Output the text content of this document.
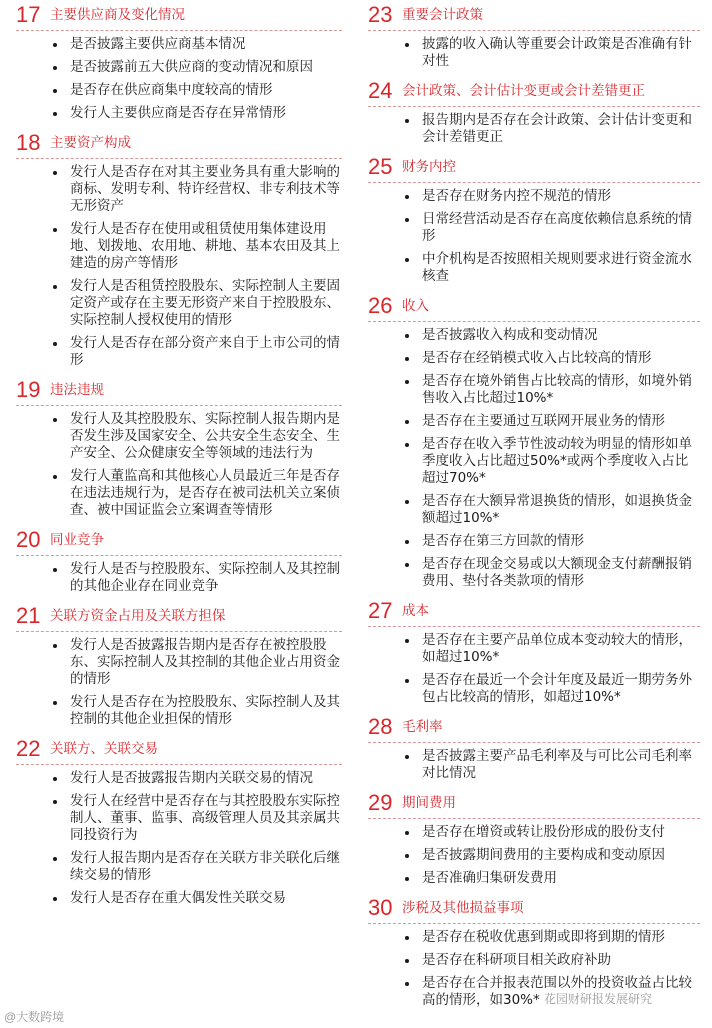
17 主要供应商及变化情况
是否披露主要供应商基本情况
是否披露前五大供应商的变动情况和原因
是否存在供应商集中度较高的情形
发行人主要供应商是否存在异常情形
18 主要资产构成
发行人是否存在对其主要业务具有重大影响的商标、发明专利、特许经营权、非专利技术等无形资产
发行人是否存在使用或租赁使用集体建设用地、划拨地、农用地、耕地、基本农田及其上建造的房产等情形
发行人是否租赁控股股东、实际控制人主要固定资产或存在主要无形资产来自于控股股东、实际控制人授权使用的情形
发行人是否存在部分资产来自于上市公司的情形
19 违法违规
发行人及其控股股东、实际控制人报告期内是否发生涉及国家安全、公共安全生态安全、生产安全、公众健康安全等领域的违法行为
发行人董监高和其他核心人员最近三年是否存在违法违规行为，是否存在被司法机关立案侦查、被中国证监会立案调查等情形
20 同业竞争
发行人是否与控股股东、实际控制人及其控制的其他企业存在同业竞争
21 关联方资金占用及关联方担保
发行人是否披露报告期内是否存在被控股股东、实际控制人及其控制的其他企业占用资金的情形
发行人是否存在为控股股东、实际控制人及其控制的其他企业担保的情形
22 关联方、关联交易
发行人是否披露报告期内关联交易的情况
发行人在经营中是否存在与其控股股东实际控制人、董事、监事、高级管理人员及其亲属共同投资行为
发行人报告期内是否存在关联方非关联化后继续交易的情形
发行人是否存在重大偶发性关联交易
23 重要会计政策
披露的收入确认等重要会计政策是否准确有针对性
24 会计政策、会计估计变更或会计差错更正
报告期内是否存在会计政策、会计估计变更和会计差错更正
25 财务内控
是否存在财务内控不规范的情形
日常经营活动是否存在高度依赖信息系统的情形
中介机构是否按照相关规则要求进行资金流水核查
26 收入
是否披露收入构成和变动情况
是否存在经销模式收入占比较高的情形
是否存在境外销售占比较高的情形，如境外销售收入占比超过10%*
是否存在主要通过互联网开展业务的情形
是否存在收入季节性波动较为明显的情形如单季度收入占比超过50%*或两个季度收入占比超过70%*
是否存在大额异常退换货的情形，如退换货金额超过10%*
是否存在第三方回款的情形
是否存在现金交易或以大额现金支付薪酬报销费用、垫付各类款项的情形
27 成本
是否存在主要产品单位成本变动较大的情形，如超过10%*
是否存在最近一个会计年度及最近一期劳务外包占比较高的情形，如超过10%*
28 毛利率
是否披露主要产品毛利率及与可比公司毛利率对比情况
29 期间费用
是否存在增资或转让股份形成的股份支付
是否披露期间费用的主要构成和变动原因
是否准确归集研发费用
30 涉税及其他损益事项
是否存在税收优惠到期或即将到期的情形
是否存在科研项目相关政府补助
是否存在合并报表范围以外的投资收益占比较高的情形，如30%*
@大数跨境
花园财研报发展研究
